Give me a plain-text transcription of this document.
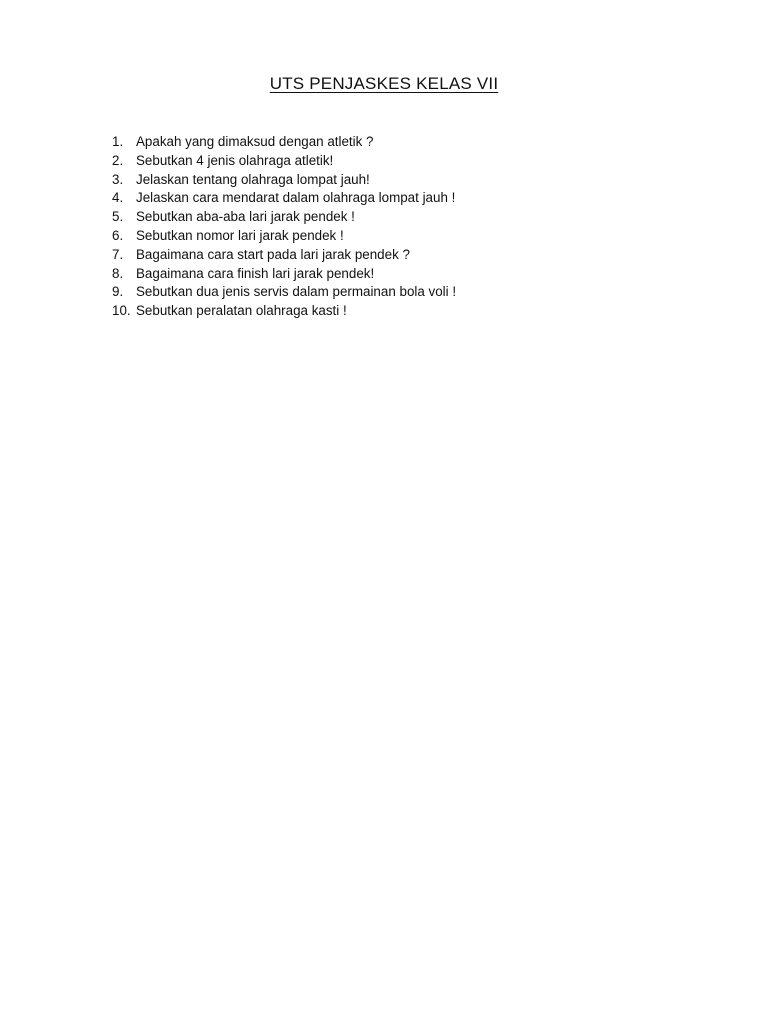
UTS PENJASKES KELAS VII
1. Apakah yang dimaksud dengan atletik ?
2. Sebutkan 4 jenis olahraga atletik!
3. Jelaskan tentang olahraga lompat jauh!
4. Jelaskan cara mendarat dalam olahraga lompat jauh !
5. Sebutkan aba-aba lari jarak pendek !
6. Sebutkan nomor lari jarak pendek !
7. Bagaimana cara start pada lari jarak pendek ?
8. Bagaimana cara finish lari jarak pendek!
9. Sebutkan dua jenis servis dalam permainan bola voli !
10. Sebutkan peralatan olahraga kasti !
